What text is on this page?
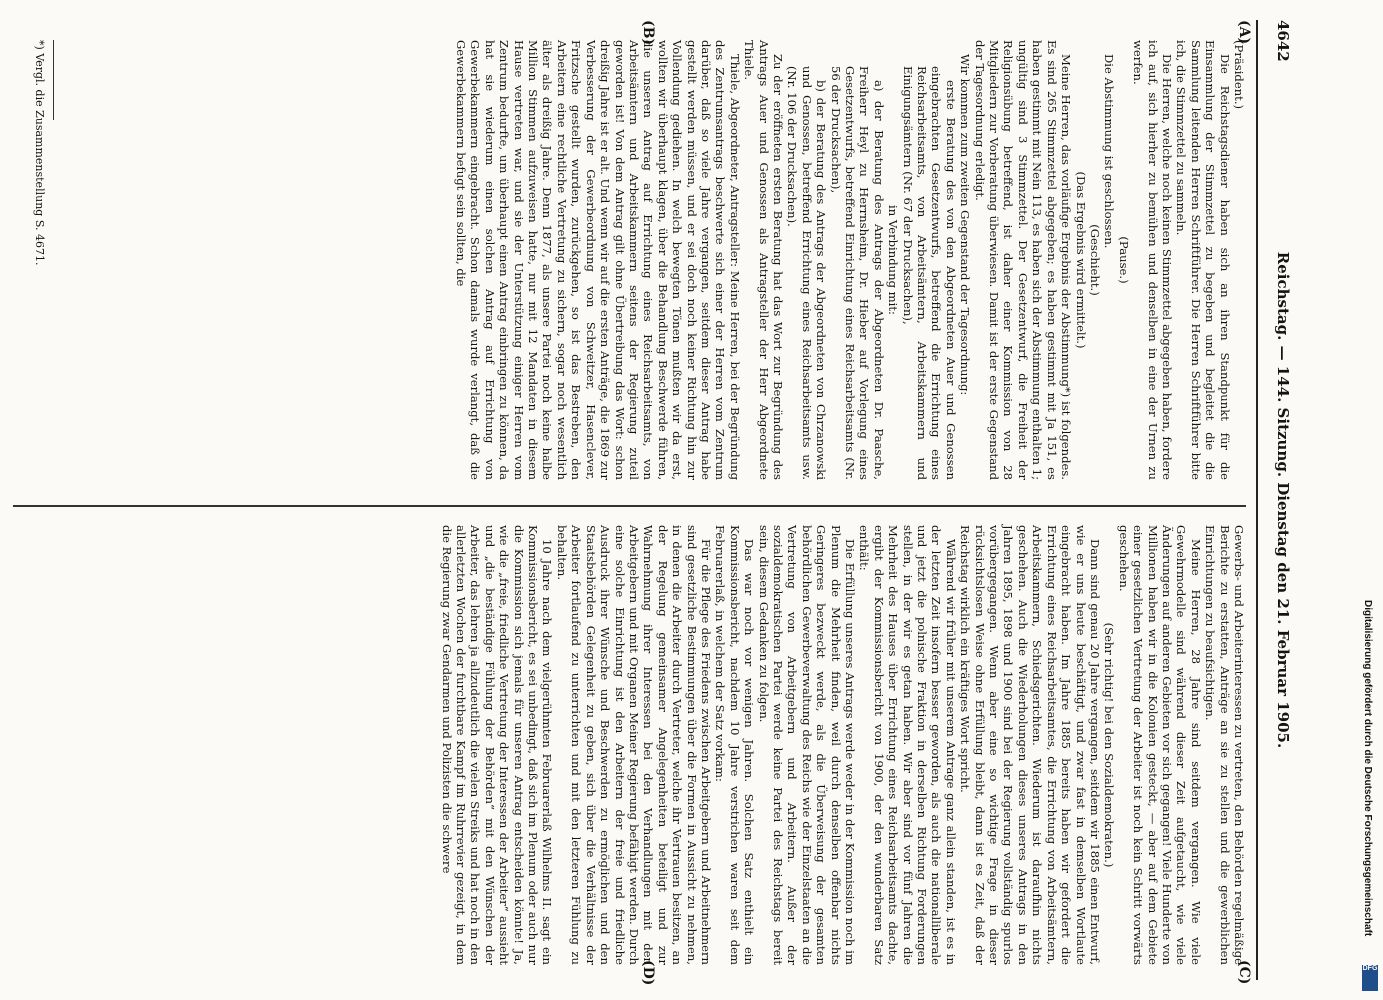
4642
Reichstag. — 144. Sitzung. Dienstag den 21. Februar 1905.
(A)
(B)
(C)
(D)

(Präsident.)

Die Reichstagsdiener haben sich an ihren Standpunkt für die Einsammlung der Stimmzettel zu begeben und begleitet die die Sammlung leitenden Herren Schriftführer. Die Herren Schriftführer bitte ich, die Stimmzettel zu sammeln.

Die Herren, welche noch keinen Stimmzettel abgegeben haben, fordere ich auf, sich hierher zu bemühen und denselben in eine der Urnen zu werfen.

(Pause.)

Die Abstimmung ist geschlossen.

(Geschieht.)

(Das Ergebnis wird ermittelt.)

Meine Herren, das vorläufige Ergebnis der Abstimmung*) ist folgendes. Es sind 265 Stimmzettel abgegeben; es haben gestimmt mit Ja 151, es haben gestimmt mit Nein 113, es haben sich der Abstimmung enthalten 1; ungültig sind 3 Stimmzettel. Der Gesetzentwurf, die Freiheit der Religionsübung betreffend, ist daher einer Kommission von 28 Mitgliedern zur Vorberatung überwiesen. Damit ist der erste Gegenstand der Tagesordnung erledigt.

Wir kommen zum zweiten Gegenstand der Tagesordnung:

erste Beratung des von den Abgeordneten Auer und Genossen eingebrachten Gesetzentwurfs, betreffend die Errichtung eines Reichsarbeitsamts, von Arbeitsämtern, Arbeitskammern und Einigungsämtern (Nr. 67 der Drucksachen),

in Verbindung mit:

a) der Beratung des Antrags der Abgeordneten Dr. Paasche, Freiherr Heyl zu Herrnsheim, Dr. Hieber auf Vorlegung eines Gesetzentwurfs, betreffend Einrichtung eines Reichsarbeitsamts (Nr. 56 der Drucksachen),

b) der Beratung des Antrags der Abgeordneten von Chrzanowski und Genossen, betreffend Errichtung eines Reichsarbeitsamts usw. (Nr. 106 der Drucksachen).

Zu der eröffneten ersten Beratung hat das Wort zur Begründung des Antrags Auer und Genossen als Antragsteller der Herr Abgeordnete Thiele.

Thiele, Abgeordneter, Antragsteller: Meine Herren, bei der Begründung des Zentrumsantrags beschwerte sich einer der Herren vom Zentrum darüber, daß so viele Jahre vergangen, seitdem dieser Antrag habe gestellt werden müssen, und er sei doch noch keiner Richtung hin zur Vollendung gediehen. In welch bewegten Tönen mußten wir da erst, wollten wir überhaupt klagen, über die Behandlung Beschwerde führen, die unseren Antrag auf Errichtung eines Reichsarbeitsamts, von Arbeitsämtern und Arbeitskammern seitens der Regierung zuteil geworden ist! Von dem Antrag gilt ohne Übertreibung das Wort: schon dreißig Jahre ist er alt. Und wenn wir auf die ersten Anträge, die 1869 zur Verbesserung der Gewerbeordnung von Schweitzer, Hasenclever, Fritzsche gestellt wurden, zurückgehen, so ist das Bestreben, den Arbeitern eine rechtliche Vertretung zu sichern, sogar noch wesentlich älter als dreißig Jahre. Denn 1877, als unsere Partei noch keine halbe Million Stimmen aufzuweisen hatte, nur mit 12 Mandaten in diesem Hause vertreten war, und sie der Unterstützung einiger Herren vom Zentrum bedurfte, um überhaupt einen Antrag einbringen zu können, da hat sie wiederum einen solchen Antrag auf Errichtung von Gewerbekammern eingebracht. Schon damals wurde verlangt, daß die Gewerbekammern befugt sein sollten, die

Gewerbs- und Arbeiterinteressen zu vertreten, den Behörden regelmäßige Berichte zu erstatten, Anträge an sie zu stellen und die gewerblichen Einrichtungen zu beaufsichtigen.

Meine Herren, 28 Jahre sind seitdem vergangen. Wie viele Gewehrmodelle sind während dieser Zeit aufgetaucht, wie viele Änderungen auf anderen Gebieten vor sich gegangen! Viele Hunderte von Millionen haben wir in die Kolonien gesteckt, — aber auf dem Gebiete einer gesetzlichen Vertretung der Arbeiter ist noch kein Schritt vorwärts geschehen.

(Sehr richtig! bei den Sozialdemokraten.)

Dann sind genau 20 Jahre vergangen, seitdem wir 1885 einen Entwurf, wie er uns heute beschäftigt, und zwar fast in demselben Wortlaute eingebracht haben. Im Jahre 1885 bereits haben wir gefordert die Errichtung eines Reichsarbeitsamtes, die Errichtung von Arbeitsämtern, Arbeitskammern, Schiedsgerichten. Wiederum ist daraufhin nichts geschehen. Auch die Wiederholungen dieses unseres Antrags in den Jahren 1895, 1898 und 1900 sind bei der Regierung vollständig spurlos vorübergegangen. Wenn aber eine so wichtige Frage in dieser rücksichtslosen Weise ohne Erfüllung bleibt, dann ist es Zeit, daß der Reichstag wirklich ein kräftiges Wort spricht.

Während wir früher mit unserem Antrage ganz allein standen, ist es in der letzten Zeit insofern besser geworden, als auch die nationalliberale und jetzt die polnische Fraktion in derselben Richtung Forderungen stellen, in der wir es getan haben. Wir aber sind vor fünf Jahren die Mehrheit des Hauses über Errichtung eines Reichsarbeitsamts dachte, ergibt der Kommissionsbericht von 1900, der den wunderbaren Satz enthält:

Die Erfüllung unseres Antrags werde weder in der Kommission noch im Plenum die Mehrheit finden, weil durch denselben offenbar nichts Geringeres bezweckt werde, als die Überweisung der gesamten behördlichen Gewerbeverwaltung des Reichs wie der Einzelstaaten an die Vertretung von Arbeitgebern und Arbeitern. Außer der sozialdemokratischen Partei werde keine Partei des Reichstags bereit sein, diesem Gedanken zu folgen.

Das war noch vor wenigen Jahren. Solchen Satz enthielt ein Kommissionsbericht, nachdem 10 Jahre verstrichen waren seit dem Februarerlaß, in welchem der Satz vorkam:

Für die Pflege des Friedens zwischen Arbeitgebern und Arbeitnehmern sind gesetzliche Bestimmungen über die Formen in Aussicht zu nehmen, in denen die Arbeiter durch Vertreter, welche ihr Vertrauen besitzen, an der Regelung gemeinsamer Angelegenheiten beteiligt und zur Wahrnehmung ihrer Interessen bei den Verhandlungen mit den Arbeitgebern und mit Organen Meiner Regierung befähigt werden. Durch eine solche Einrichtung ist den Arbeitern der freie und friedliche Ausdruck ihrer Wünsche und Beschwerden zu ermöglichen und den Staatsbehörden Gelegenheit zu geben, sich über die Verhältnisse der Arbeiter fortlaufend zu unterrichten und mit den letzteren Fühlung zu behalten.

10 Jahre nach dem vielgerühmten Februarerlaß Wilhelms II. sagt ein Kommissionsbericht, es sei unbedingt, daß sich im Plenum oder auch nur die Kommission sich jemals für unseren Antrag entscheiden könnte! Ja, wie die „freie, friedliche Vertretung der Interessen der Arbeiter“ aussieht und „die beständige Fühlung der Behörden“ mit den Wünschen der Arbeiter, das lehren ja allzudeutlich die vielen Streiks und hat noch in den allerletzten Wochen der furchtbare Kampf im Ruhrrevier gezeigt, in dem die Regierung zwar Gendarmen und Polizisten die schwere

*) Vergl. die Zusammenstellung S. 4671.
Digitalisierung gefördert durch die Deutsche Forschungsgemeinschaft
DFG
